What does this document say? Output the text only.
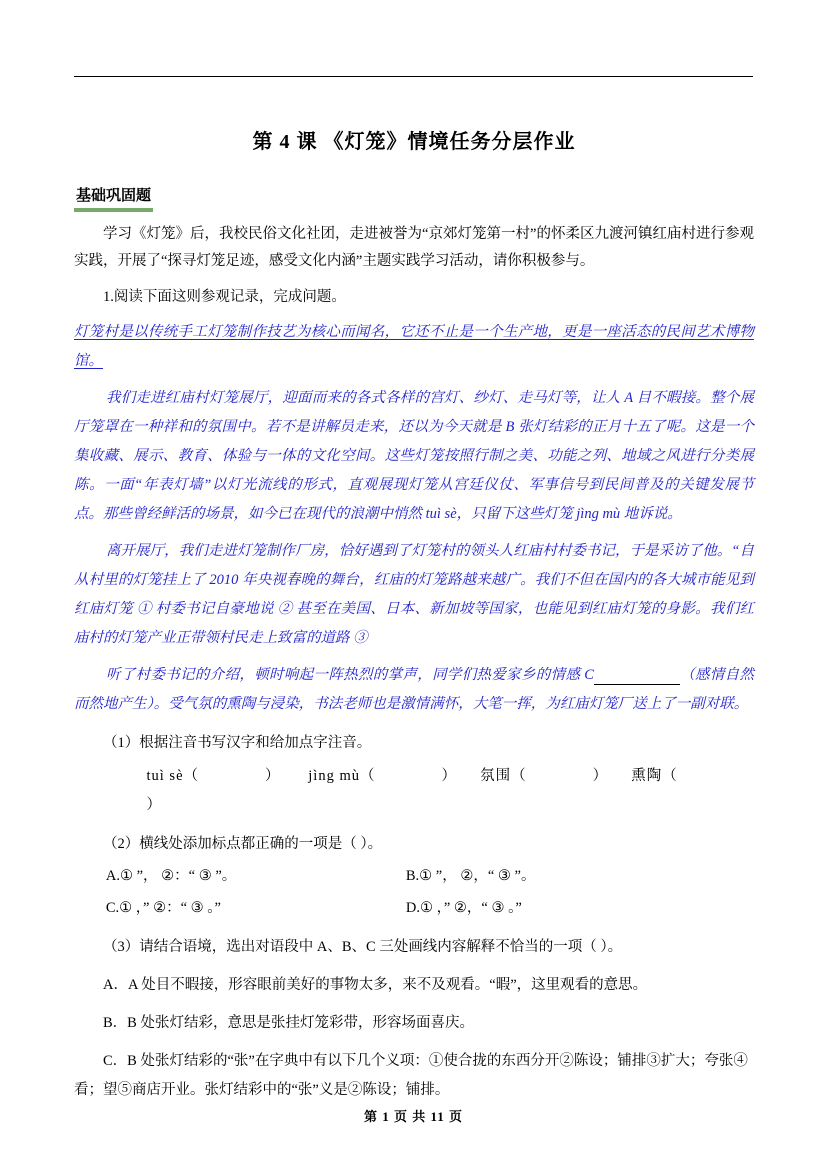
第 4 课 《灯笼》情境任务分层作业
基础巩固题

学习《灯笼》后，我校民俗文化社团，走进被誉为“京郊灯笼第一村”的怀柔区九渡河镇红庙村进行参观实践，开展了“探寻灯笼足迹，感受文化内涵”主题实践学习活动，请你积极参与。

1.阅读下面这则参观记录，完成问题。

灯笼村是以传统手工灯笼制作技艺为核心而闻名，它还不止是一个生产地，更是一座活态的民间艺术博物馆。
我们走进红庙村灯笼展厅，迎面而来的各式各样的宫灯、纱灯、走马灯等，让人 A 目不暇接。整个展厅笼罩在一种祥和的氛围中。若不是讲解员走来，还以为今天就是 B 张灯结彩的正月十五了呢。这是一个集收藏、展示、教育、体验与一体的文化空间。这些灯笼按照行制之美、功能之列、地域之风进行分类展陈。一面“年表灯墙”以灯光流线的形式，直观展现灯笼从宫廷仪仗、军事信号到民间普及的关键发展节点。那些曾经鲜活的场景，如今已在现代的浪潮中悄然 tuì sè，只留下这些灯笼 jìng mù 地诉说。
离开展厅，我们走进灯笼制作厂房，恰好遇到了灯笼村的领头人红庙村村委书记，于是采访了他。“自从村里的灯笼挂上了 2010 年央视春晚的舞台，红庙的灯笼路越来越广。我们不但在国内的各大城市能见到红庙灯笼 ① 村委书记自豪地说 ② 甚至在美国、日本、新加坡等国家，也能见到红庙灯笼的身影。我们红庙村的灯笼产业正带领村民走上致富的道路 ③
听了村委书记的介绍，顿时响起一阵热烈的掌声，同学们热爱家乡的情感 C	（感情自然而然地产生）。受气氛的熏陶与浸染，书法老师也是激情满怀，大笔一挥，为红庙灯笼厂送上了一副对联。

（1）根据注音书写汉字和给加点字注音。

tuì sè（	） jìng mù（	） 氛围（	） 熏陶（ ）

（2）横线处添加标点都正确的一项是（ ）。

A.① ”， ②：“ ③ ”。	B.① ”， ②，“ ③ ”。
C.① ，” ②：“ ③ 。”	D.① ，” ②，“ ③ 。”

（3）请结合语境，选出对语段中 A、B、C 三处画线内容解释不恰当的一项（ ）。

A．A 处目不暇接，形容眼前美好的事物太多，来不及观看。“暇”，这里观看的意思。

B．B 处张灯结彩，意思是张挂灯笼彩带，形容场面喜庆。

C．B 处张灯结彩的“张”在字典中有以下几个义项：①使合拢的东西分开②陈设；铺排③扩大；夸张④看；望⑤商店开业。张灯结彩中的“张”义是②陈设；铺排。

第 1 页 共 11 页
